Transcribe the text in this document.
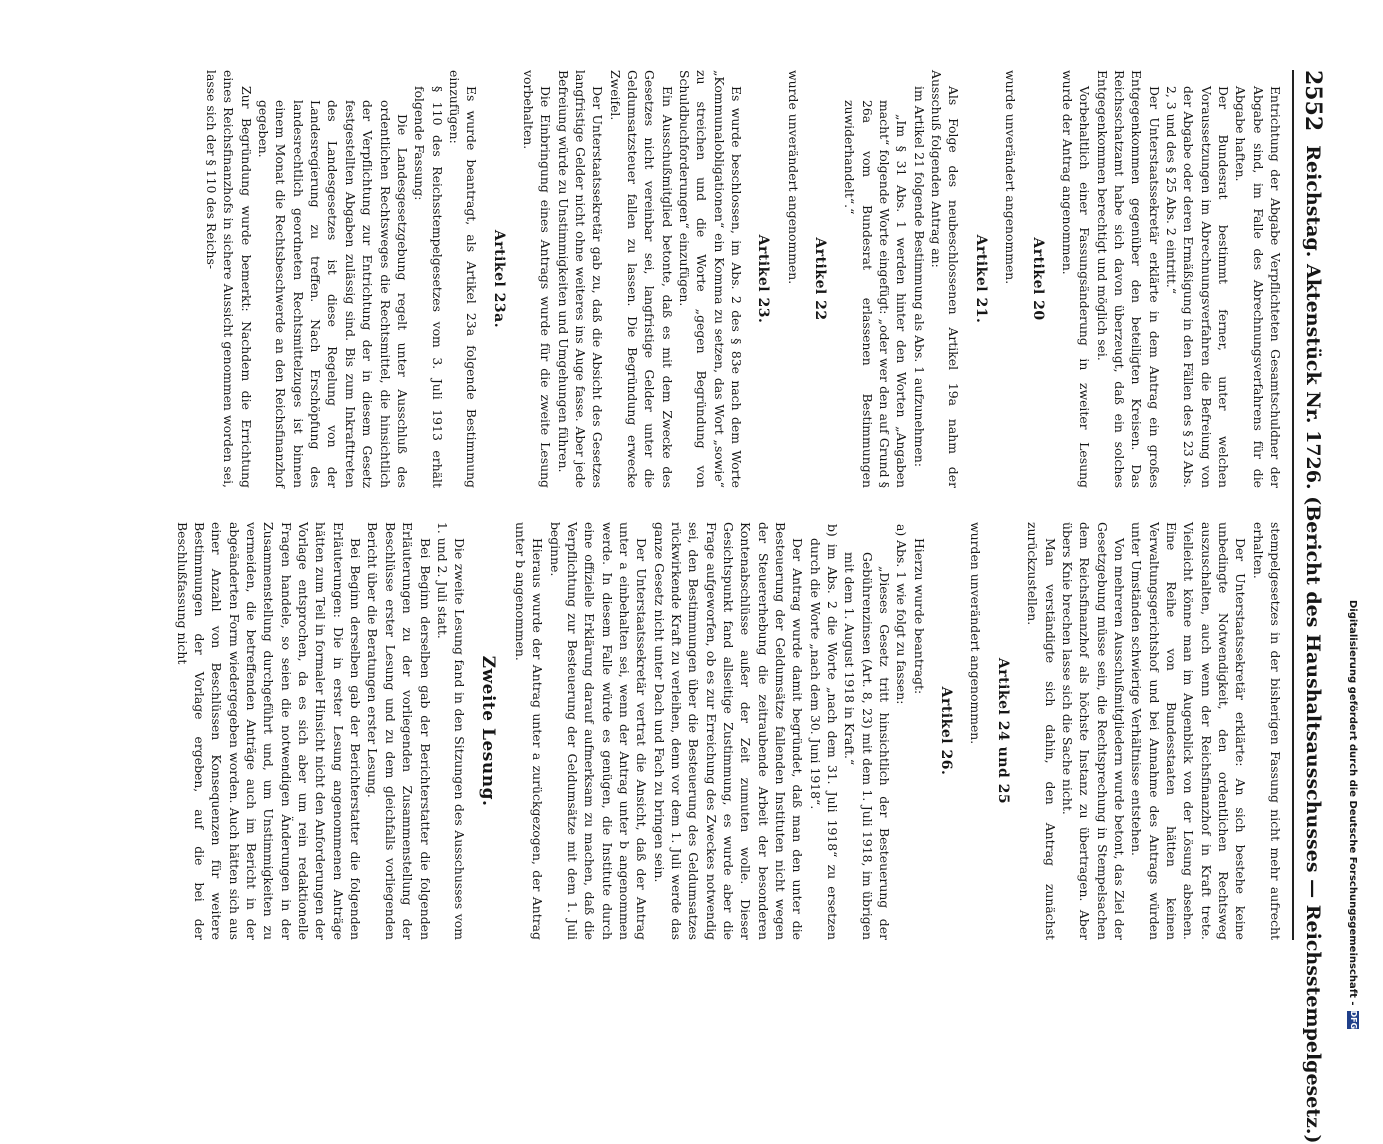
2552
Reichstag. Aktenstück Nr. 1726. (Bericht des Haushaltsausschusses — Reichsstempelgesetz.)
Entrichtung der Abgabe Verpflichteten Gesamtschuldner der Abgabe sind, im Falle des Abrechnungsverfahrens für die Abgabe haften.
Der Bundesrat bestimmt ferner, unter welchen Voraussetzungen im Abrechnungsverfahren die Befreiung von der Abgabe oder deren Ermäßigung in den Fällen des § 23 Abs. 2, 3 und des § 25 Abs. 2 eintritt.“
Der Unterstaatssekretär erklärte in dem Antrag ein großes Entgegenkommen gegenüber den beteiligten Kreisen. Das Reichsschatzamt habe sich davon überzeugt, daß ein solches Entgegenkommen berechtigt und möglich sei.
Vorbehaltlich einer Fassungsänderung in zweiter Lesung wurde der Antrag angenommen.
Artikel 20
wurde unverändert angenommen.
Artikel 21.
Als Folge des neubeschlossenen Artikel 19a nahm der Ausschuß folgenden Antrag an:
im Artikel 21 folgende Bestimmung als Abs. 1 aufzunehmen:
„Im § 31 Abs. 1 werden hinter den Worten „Angaben macht“ folgende Worte eingefügt: „oder wer den auf Grund § 26a vom Bundesrat erlassenen Bestimmungen zuwiderhandelt“.“
Artikel 22
wurde unverändert angenommen.
Artikel 23.
Es wurde beschlossen, im Abs. 2 des § 83e nach dem Worte „Kommunalobligationen“ ein Komma zu setzen, das Wort „sowie“ zu streichen und die Worte „gegen Begründung von Schuldbuchforderungen“ einzufügen.
Ein Ausschußmitglied betonte, daß es mit dem Zwecke des Gesetzes nicht vereinbar sei, langfristige Gelder unter die Geldumsatzsteuer fallen zu lassen. Die Begründung erwecke Zweifel.
Der Unterstaatssekretär gab zu, daß die Absicht des Gesetzes langfristige Gelder nicht ohne weiteres ins Auge fasse. Aber jede Befreiung würde zu Unstimmigkeiten und Umgehungen führen.
Die Einbringung eines Antrags wurde für die zweite Lesung vorbehalten.
Artikel 23a.
Es wurde beantragt, als Artikel 23a folgende Bestimmung einzufügen:
§ 110 des Reichsstempelgesetzes vom 3. Juli 1913 erhält folgende Fassung:
Die Landesgesetzgebung regelt unter Ausschluß des ordentlichen Rechtsweges die Rechtsmittel, die hinsichtlich der Verpflichtung zur Entrichtung der in diesem Gesetz festgestellten Abgaben zulässig sind. Bis zum Inkrafttreten des Landesgesetzes ist diese Regelung von der Landesregierung zu treffen. Nach Erschöpfung des landesrechtlich geordneten Rechtsmittelzuges ist binnen einem Monat die Rechtsbeschwerde an den Reichsfinanzhof gegeben.
Zur Begründung wurde bemerkt: Nachdem die Errichtung eines Reichsfinanzhofs in sichere Aussicht genommen worden sei, lasse sich der § 110 des Reichs-
stempelgesetzes in der bisherigen Fassung nicht mehr aufrecht erhalten.
Der Unterstaatssekretär erklärte: An sich bestehe keine unbedingte Notwendigkeit, den ordentlichen Rechtsweg auszuschalten, auch wenn der Reichsfinanzhof in Kraft trete. Vielleicht könne man im Augenblick von der Lösung absehen. Eine Reihe von Bundesstaaten hätten keinen Verwaltungsgerichtshof und bei Annahme des Antrags würden unter Umständen schwierige Verhältnisse entstehen.
Von mehreren Ausschußmitgliedern wurde betont, das Ziel der Gesetzgebung müsse sein, die Rechtsprechung in Stempelsachen dem Reichsfinanzhof als höchste Instanz zu übertragen. Aber übers Knie brechen lasse sich die Sache nicht.
Man verständigte sich dahin, den Antrag zunächst zurückzustellen.
Artikel 24 und 25
wurden unverändert angenommen.
Artikel 26.
Hierzu wurde beantragt:
a) Abs. 1 wie folgt zu fassen:
„Dieses Gesetz tritt hinsichtlich der Besteuerung der Gebührenzinsen (Art. 8, 23) mit dem 1. Juli 1918, im übrigen mit dem 1. August 1918 in Kraft.“
b) im Abs. 2 die Worte „nach dem 31. Juli 1918“ zu ersetzen durch die Worte „nach dem 30. Juni 1918“.
Der Antrag wurde damit begründet, daß man den unter die Besteuerung der Geldumsätze fallenden Instituten nicht wegen der Steuererhebung die zeitraubende Arbeit der besonderen Kontenabschlüsse außer der Zeit zumuten wolle. Dieser Gesichtspunkt fand allseitige Zustimmung, es wurde aber die Frage aufgeworfen, ob es zur Erreichung des Zweckes notwendig sei, den Bestimmungen über die Besteuerung des Geldumsatzes rückwirkende Kraft zu verleihen, denn vor dem 1. Juli werde das ganze Gesetz nicht unter Dach und Fach zu bringen sein.
Der Unterstaatssekretär vertrat die Ansicht, daß der Antrag unter a einbehalten sei, wenn der Antrag unter b angenommen werde. In diesem Falle würde es genügen, die Institute durch eine offizielle Erklärung darauf aufmerksam zu machen, daß die Verpflichtung zur Besteuerung der Geldumsätze mit dem 1. Juli beginne.
Hieraus wurde der Antrag unter a zurückgezogen, der Antrag unter b angenommen.
Zweite Lesung.
Die zweite Lesung fand in den Sitzungen des Ausschusses vom 1. und 2. Juli statt.
Bei Beginn derselben gab der Berichterstatter die folgenden Erläuterungen zu der vorliegenden Zusammenstellung der Beschlüsse erster Lesung und zu dem gleichfalls vorliegenden Bericht über die Beratungen erster Lesung.
Bei Beginn derselben gab der Berichterstatter die folgenden Erläuterungen: Die in erster Lesung angenommenen Anträge hätten zum Teil in formaler Hinsicht nicht den Anforderungen der Vorlage entsprochen, da es sich aber um rein redaktionelle Fragen handele, so seien die notwendigen Änderungen in der Zusammenstellung durchgeführt und, um Unstimmigkeiten zu vermeiden, die betreffenden Anträge auch im Bericht in der abgeänderten Form wiedergegeben worden. Auch hätten sich aus einer Anzahl von Beschlüssen Konsequenzen für weitere Bestimmungen der Vorlage ergeben, auf die bei der Beschlußfassung nicht
Digitalisierung gefördert durch die Deutsche Forschungsgemeinschaft -
DFG
